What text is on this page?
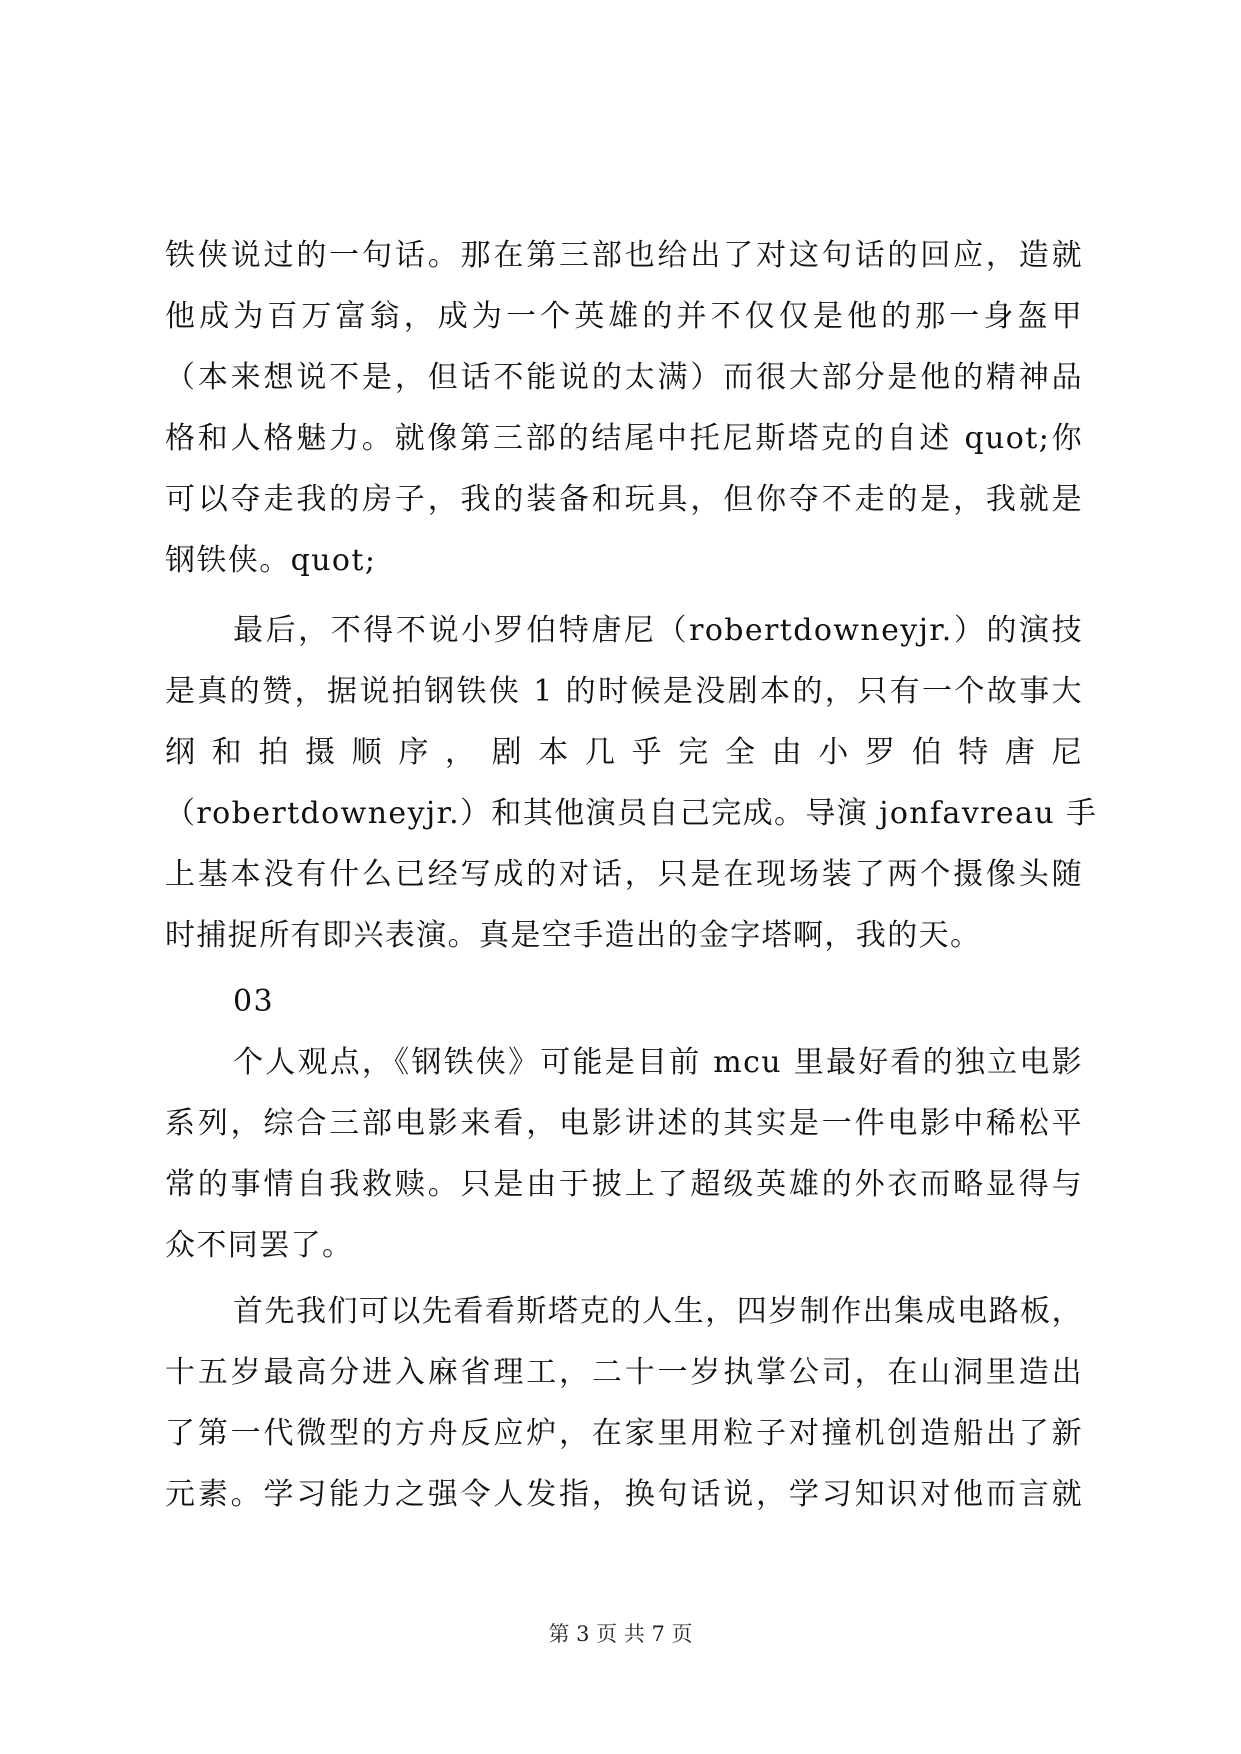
铁侠说过的一句话。那在第三部也给出了对这句话的回应，造就
他成为百万富翁，成为一个英雄的并不仅仅是他的那一身盔甲
（本来想说不是，但话不能说的太满）而很大部分是他的精神品
格和人格魅力。就像第三部的结尾中托尼斯塔克的自述 quot;你
可以夺走我的房子，我的装备和玩具，但你夺不走的是，我就是
钢铁侠。quot;
最后，不得不说小罗伯特唐尼（robertdowneyjr.）的演技
是真的赞，据说拍钢铁侠 1 的时候是没剧本的，只有一个故事大
纲和拍摄顺序，剧本几乎完全由小罗伯特唐尼
（robertdowneyjr.）和其他演员自己完成。导演 jonfavreau 手
上基本没有什么已经写成的对话，只是在现场装了两个摄像头随
时捕捉所有即兴表演。真是空手造出的金字塔啊，我的天。
03
个人观点，《钢铁侠》可能是目前 mcu 里最好看的独立电影
系列，综合三部电影来看，电影讲述的其实是一件电影中稀松平
常的事情自我救赎。只是由于披上了超级英雄的外衣而略显得与
众不同罢了。
首先我们可以先看看斯塔克的人生，四岁制作出集成电路板，
十五岁最高分进入麻省理工，二十一岁执掌公司，在山洞里造出
了第一代微型的方舟反应炉，在家里用粒子对撞机创造船出了新
元素。学习能力之强令人发指，换句话说，学习知识对他而言就
第 3 页 共 7 页
